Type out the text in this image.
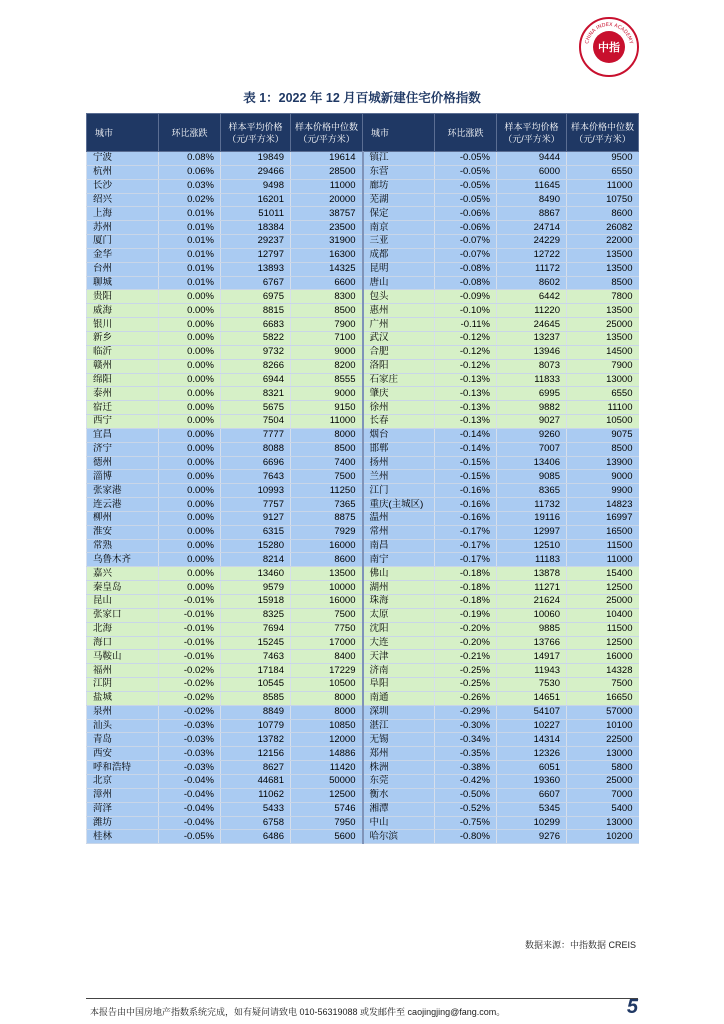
中指
CHINA INDEX ACADEMY
表 1：2022 年 12 月百城新建住宅价格指数
城市	环比涨跌	样本平均价格
（元/平方米）	样本价格中位数
（元/平方米）	城市	环比涨跌	样本平均价格
（元/平方米）	样本价格中位数
（元/平方米）
宁波	0.08%	19849	19614	镇江	-0.05%	9444	9500
杭州	0.06%	29466	28500	东营	-0.05%	6000	6550
长沙	0.03%	9498	11000	廊坊	-0.05%	11645	11000
绍兴	0.02%	16201	20000	芜湖	-0.05%	8490	10750
上海	0.01%	51011	38757	保定	-0.06%	8867	8600
苏州	0.01%	18384	23500	南京	-0.06%	24714	26082
厦门	0.01%	29237	31900	三亚	-0.07%	24229	22000
金华	0.01%	12797	16300	成都	-0.07%	12722	13500
台州	0.01%	13893	14325	昆明	-0.08%	11172	13500
聊城	0.01%	6767	6600	唐山	-0.08%	8602	8500
贵阳	0.00%	6975	8300	包头	-0.09%	6442	7800
威海	0.00%	8815	8500	惠州	-0.10%	11220	13500
银川	0.00%	6683	7900	广州	-0.11%	24645	25000
新乡	0.00%	5822	7100	武汉	-0.12%	13237	13500
临沂	0.00%	9732	9000	合肥	-0.12%	13946	14500
赣州	0.00%	8266	8200	洛阳	-0.12%	8073	7900
绵阳	0.00%	6944	8555	石家庄	-0.13%	11833	13000
泰州	0.00%	8321	9000	肇庆	-0.13%	6995	6550
宿迁	0.00%	5675	9150	徐州	-0.13%	9882	11100
西宁	0.00%	7504	11000	长春	-0.13%	9027	10500
宜昌	0.00%	7777	8000	烟台	-0.14%	9260	9075
济宁	0.00%	8088	8500	邯郸	-0.14%	7007	8500
德州	0.00%	6696	7400	扬州	-0.15%	13406	13900
淄博	0.00%	7643	7500	兰州	-0.15%	9085	9000
张家港	0.00%	10993	11250	江门	-0.16%	8365	9900
连云港	0.00%	7757	7365	重庆(主城区)	-0.16%	11732	14823
柳州	0.00%	9127	8875	温州	-0.16%	19116	16997
淮安	0.00%	6315	7929	常州	-0.17%	12997	16500
常熟	0.00%	15280	16000	南昌	-0.17%	12510	11500
乌鲁木齐	0.00%	8214	8600	南宁	-0.17%	11183	11000
嘉兴	0.00%	13460	13500	佛山	-0.18%	13878	15400
秦皇岛	0.00%	9579	10000	湖州	-0.18%	11271	12500
昆山	-0.01%	15918	16000	珠海	-0.18%	21624	25000
张家口	-0.01%	8325	7500	太原	-0.19%	10060	10400
北海	-0.01%	7694	7750	沈阳	-0.20%	9885	11500
海口	-0.01%	15245	17000	大连	-0.20%	13766	12500
马鞍山	-0.01%	7463	8400	天津	-0.21%	14917	16000
福州	-0.02%	17184	17229	济南	-0.25%	11943	14328
江阴	-0.02%	10545	10500	阜阳	-0.25%	7530	7500
盐城	-0.02%	8585	8000	南通	-0.26%	14651	16650
泉州	-0.02%	8849	8000	深圳	-0.29%	54107	57000
汕头	-0.03%	10779	10850	湛江	-0.30%	10227	10100
青岛	-0.03%	13782	12000	无锡	-0.34%	14314	22500
西安	-0.03%	12156	14886	郑州	-0.35%	12326	13000
呼和浩特	-0.03%	8627	11420	株洲	-0.38%	6051	5800
北京	-0.04%	44681	50000	东莞	-0.42%	19360	25000
漳州	-0.04%	11062	12500	衡水	-0.50%	6607	7000
菏泽	-0.04%	5433	5746	湘潭	-0.52%	5345	5400
潍坊	-0.04%	6758	7950	中山	-0.75%	10299	13000
桂林	-0.05%	6486	5600	哈尔滨	-0.80%	9276	10200
数据来源：中指数据 CREIS
本报告由中国房地产指数系统完成，如有疑问请致电 010-56319088 或发邮件至 caojingjing@fang.com。	5
